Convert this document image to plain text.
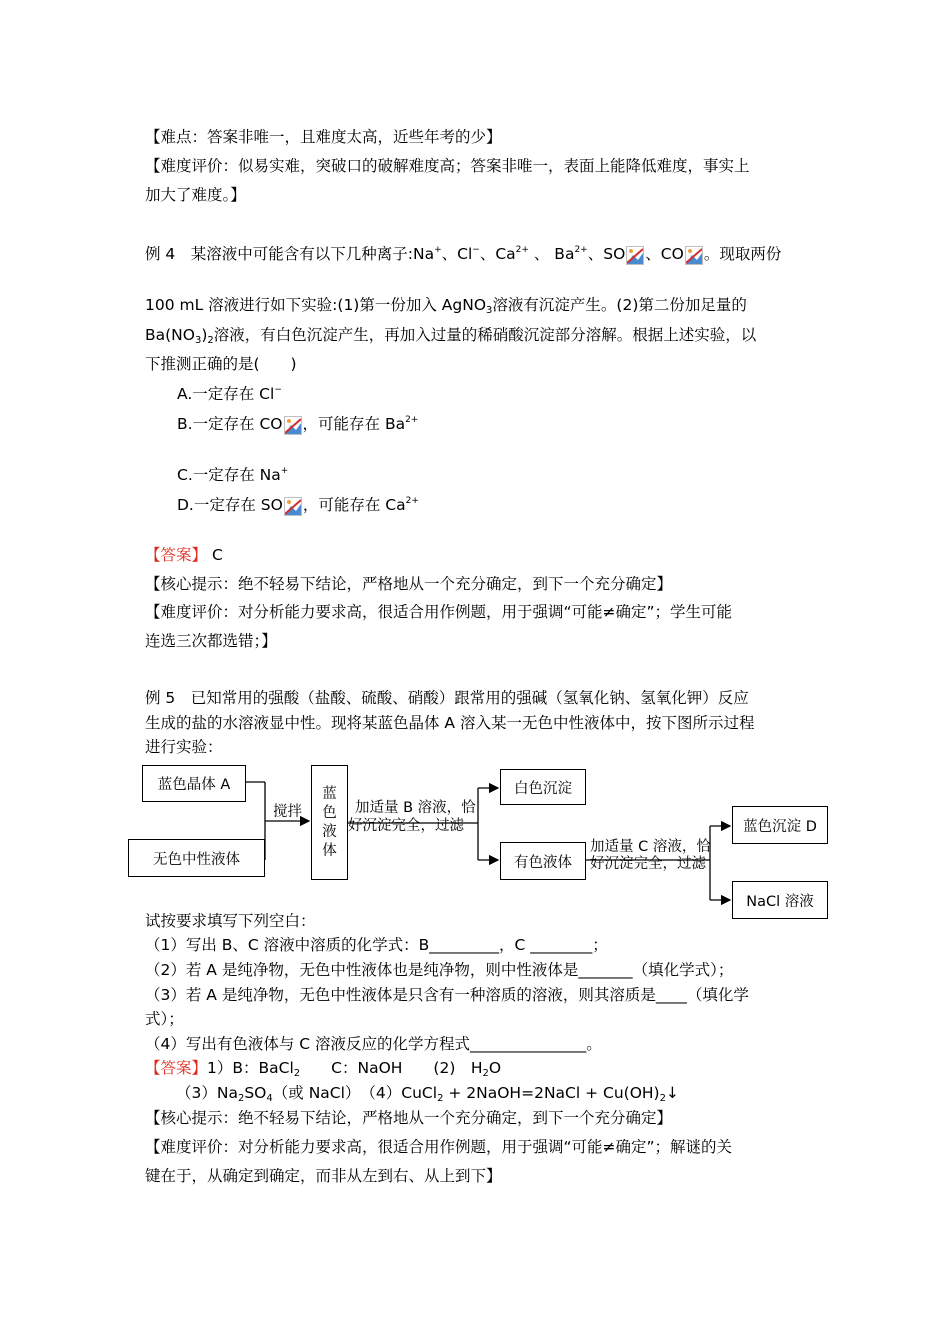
【难点：答案非唯一，且难度太高，近些年考的少】
【难度评价：似易实难，突破口的破解难度高；答案非唯一，表面上能降低难度，事实上
加大了难度。】
例 4　某溶液中可能含有以下几种离子:Na+、Cl−、$Ca^{2+}$ 、 $Ba^{2+}$、SO 、CO 。现取两份
100 mL 溶液进行如下实验:(1)第一份加入 AgNO$_3$溶液有沉淀产生。(2)第二份加足量的
$Ba(NO_3)_2$溶液，有白色沉淀产生，再加入过量的稀硝酸沉淀部分溶解。根据上述实验，以
下推测正确的是(　　)
A.一定存在 Cl−
B.一定存在 CO ，可能存在 $Ba^{2+}$
C.一定存在 Na+
D.一定存在 SO ，可能存在 $Ca^{2+}$
【答案】 C
【核心提示：绝不轻易下结论，严格地从一个充分确定，到下一个充分确定】
【难度评价：对分析能力要求高，很适合用作例题，用于强调“可能≠确定”；学生可能
连选三次都选错；】
例 5　已知常用的强酸（盐酸、硫酸、硝酸）跟常用的强碱（氢氧化钠、氢氧化钾）反应
生成的盐的水溶液显中性。现将某蓝色晶体 A 溶入某一无色中性液体中，按下图所示过程
进行实验：
蓝色晶体 A
无色中性液体
搅拌
蓝
色
液
体
加适量 B 溶液，恰
好沉淀完全，过滤
白色沉淀
有色液体
加适量 C 溶液，恰
好沉淀完全，过滤
蓝色沉淀 D
NaCl 溶液
试按要求填写下列空白：
（1）写出 B、C 溶液中溶质的化学式：B_________，C ________；
（2）若 A 是纯净物，无色中性液体也是纯净物，则中性液体是_______（填化学式）；
（3）若 A 是纯净物，无色中性液体是只含有一种溶质的溶液，则其溶质是____（填化学
式）；
（4）写出有色液体与 C 溶液反应的化学方程式_______________。
【答案】1）B：BaCl$_2$　　C：NaOH　　(2)　$H_2O$
$(3)Na_2SO_4$（或 NaCl）　（4）CuCl$_2$ + 2NaOH=2NaCl + $Cu(OH)_2↓$
【核心提示：绝不轻易下结论，严格地从一个充分确定，到下一个充分确定】
【难度评价：对分析能力要求高，很适合用作例题，用于强调“可能≠确定”；解谜的关
键在于，从确定到确定，而非从左到右、从上到下】
